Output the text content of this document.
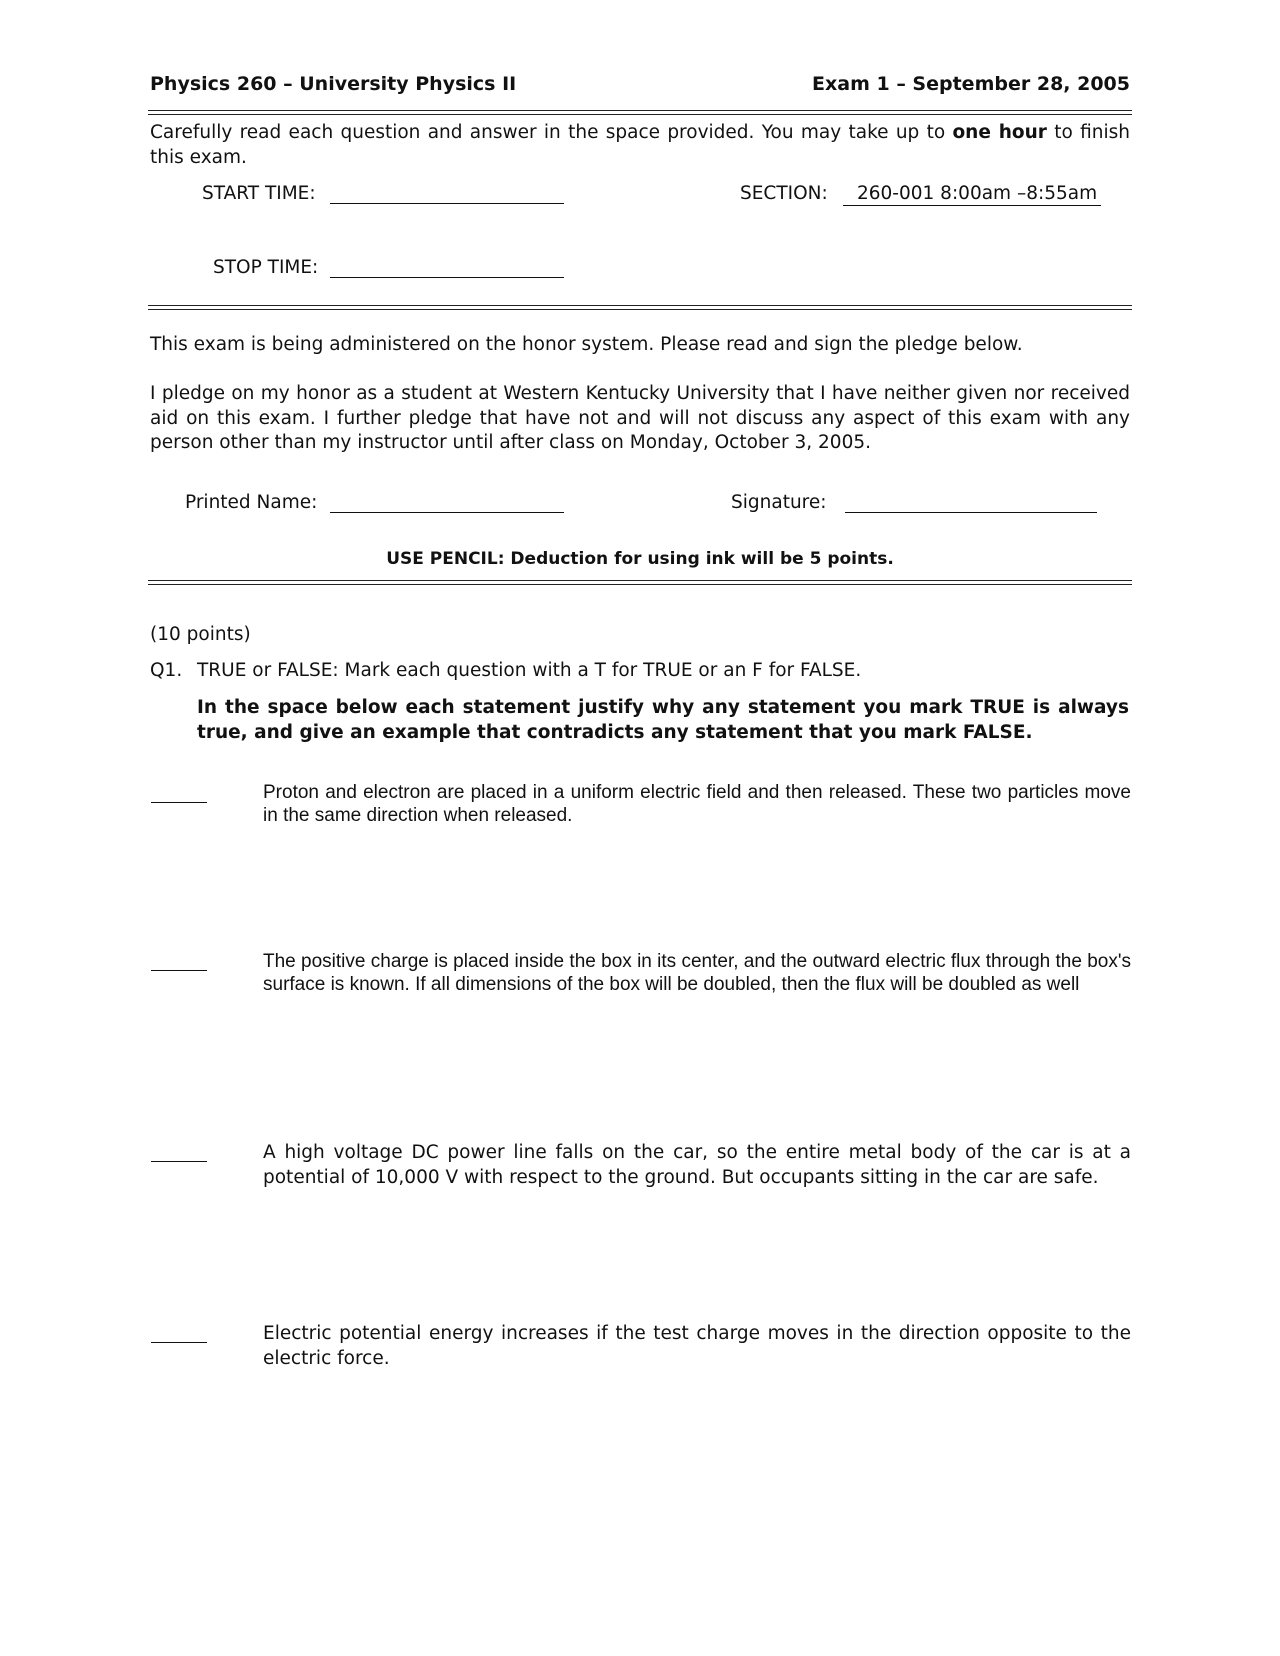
Physics 260 – University Physics II	Exam 1 – September 28, 2005
Carefully read each question and answer in the space provided. You may take up to one hour to finish this exam.
START TIME:	SECTION:	260-001 8:00am –8:55am
STOP TIME:
This exam is being administered on the honor system. Please read and sign the pledge below.
I pledge on my honor as a student at Western Kentucky University that I have neither given nor received aid on this exam. I further pledge that have not and will not discuss any aspect of this exam with any person other than my instructor until after class on Monday, October 3, 2005.
Printed Name:	Signature:
USE PENCIL: Deduction for using ink will be 5 points.
(10 points)
Q1. TRUE or FALSE: Mark each question with a T for TRUE or an F for FALSE.
In the space below each statement justify why any statement you mark TRUE is always true, and give an example that contradicts any statement that you mark FALSE.
Proton and electron are placed in a uniform electric field and then released. These two particles move in the same direction when released.
The positive charge is placed inside the box in its center, and the outward electric flux through the box's surface is known. If all dimensions of the box will be doubled, then the flux will be doubled as well
A high voltage DC power line falls on the car, so the entire metal body of the car is at a potential of 10,000 V with respect to the ground. But occupants sitting in the car are safe.
Electric potential energy increases if the test charge moves in the direction opposite to the electric force.
